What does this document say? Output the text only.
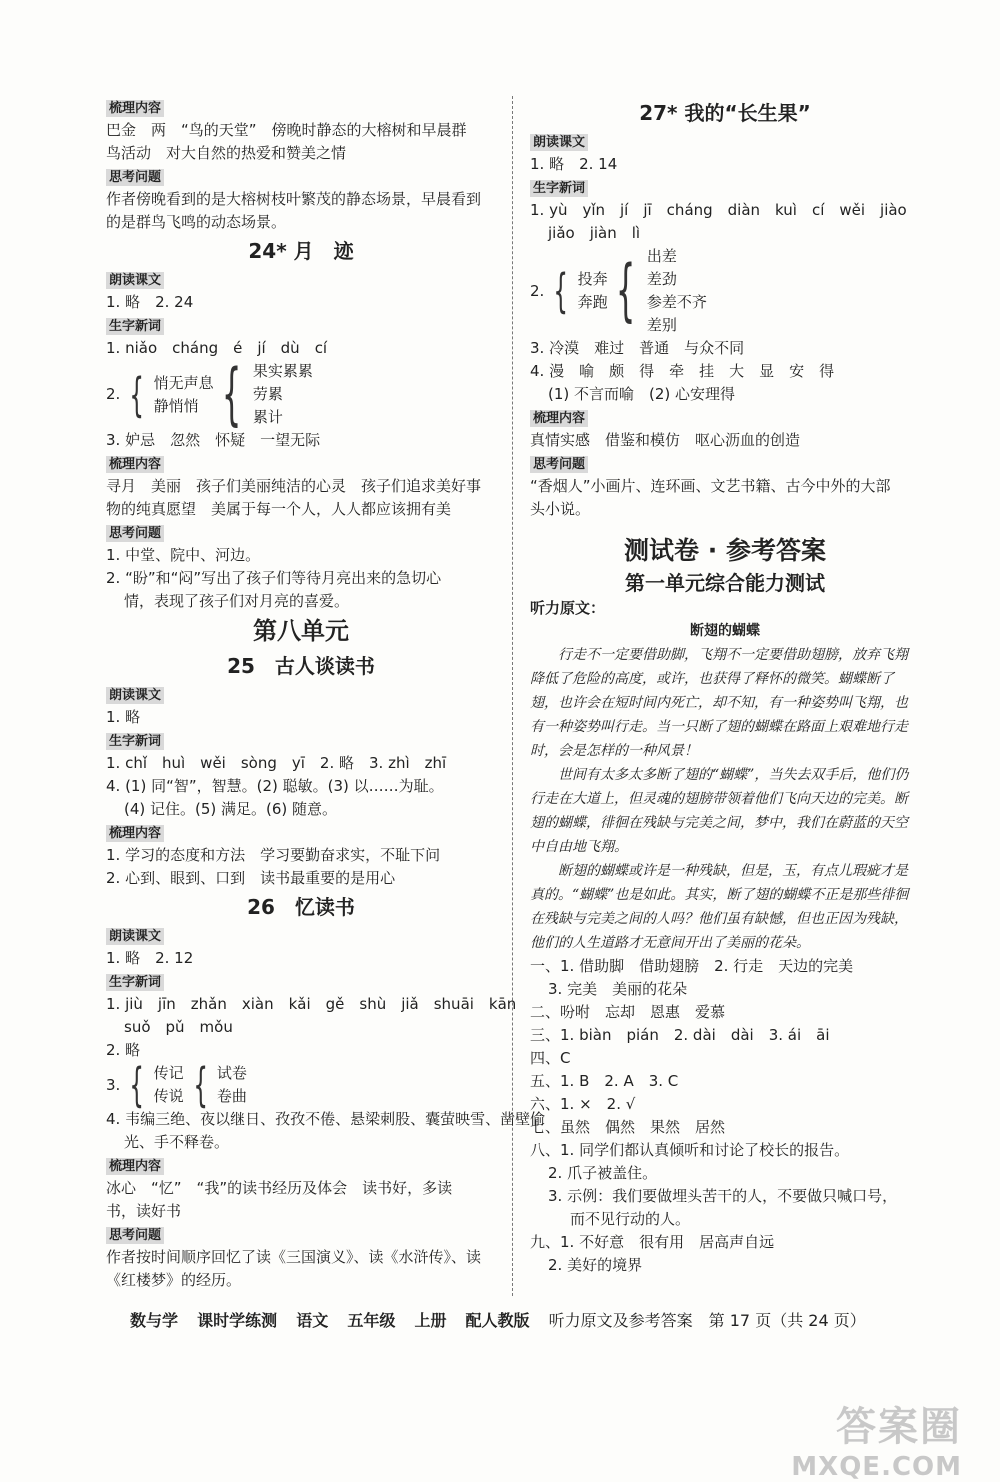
梳理内容
巴金　两　“鸟的天堂”　傍晚时静态的大榕树和早晨群
鸟活动　对大自然的热爱和赞美之情
思考问题
作者傍晚看到的是大榕树枝叶繁茂的静态场景，早晨看到
的是群鸟飞鸣的动态场景。
24* 月　迹
朗读课文
1. 略　2. 24
生字新词
1. niǎo　cháng　é　jí　dù　cí
2. { 悄无声息
静悄悄 { 果实累累
劳累
累计
3. 妒忌　忽然　怀疑　一望无际
梳理内容
寻月　美丽　孩子们美丽纯洁的心灵　孩子们追求美好事
物的纯真愿望　美属于每一个人，人人都应该拥有美
思考问题
1. 中堂、院中、河边。
2. “盼”和“闷”写出了孩子们等待月亮出来的急切心
情，表现了孩子们对月亮的喜爱。
第八单元
25　古人谈读书
朗读课文
1. 略
生字新词
1. chǐ　huì　wěi　sòng　yī　2. 略　3. zhì　zhī
4. (1) 同“智”，智慧。(2) 聪敏。(3) 以……为耻。
(4) 记住。(5) 满足。(6) 随意。
梳理内容
1. 学习的态度和方法　学习要勤奋求实，不耻下问
2. 心到、眼到、口到　读书最重要的是用心
26　忆读书
朗读课文
1. 略　2. 12
生字新词
1. jiù　jīn　zhǎn　xiàn　kǎi　gě　shù　jiǎ　shuāi　kān
suǒ　pǔ　mǒu
2. 略
3. { 传记
传说 { 试卷
卷曲
4. 韦编三绝、夜以继日、孜孜不倦、悬梁刺股、囊萤映雪、凿壁偷
光、手不释卷。
梳理内容
冰心　“忆”　“我”的读书经历及体会　读书好，多读
书，读好书
思考问题
作者按时间顺序回忆了读《三国演义》、读《水浒传》、读
《红楼梦》的经历。
27* 我的“长生果”
朗读课文
1. 略　2. 14
生字新词
1. yù　yǐn　jí　jī　cháng　diàn　kuì　cí　wěi　jiào
jiǎo　jiàn　lì
2. { 投奔
奔跑 { 出差
差劲
参差不齐
差别
3. 冷漠　难过　普通　与众不同
4. 漫　喻　颇　得　牵　挂　大　显　安　得
(1) 不言而喻　(2) 心安理得
梳理内容
真情实感　借鉴和模仿　呕心沥血的创造
思考问题
“香烟人”小画片、连环画、文艺书籍、古今中外的大部
头小说。
测试卷 · 参考答案
第一单元综合能力测试
听力原文：
断翅的蝴蝶
行走不一定要借助脚，飞翔不一定要借助翅膀，放弃飞翔降低了危险的高度，或许，也获得了释怀的微笑。蝴蝶断了翅，也许会在短时间内死亡，却不知，有一种姿势叫飞翔，也有一种姿势叫行走。当一只断了翅的蝴蝶在路面上艰难地行走时，会是怎样的一种风景！
世间有太多太多断了翅的“蝴蝶”，当失去双手后，他们仍行走在大道上，但灵魂的翅膀带领着他们飞向天边的完美。断翅的蝴蝶，徘徊在残缺与完美之间，梦中，我们在蔚蓝的天空中自由地飞翔。
断翅的蝴蝶或许是一种残缺，但是，玉，有点儿瑕疵才是真的。“蝴蝶”也是如此。其实，断了翅的蝴蝶不正是那些徘徊在残缺与完美之间的人吗？他们虽有缺憾，但也正因为残缺，他们的人生道路才无意间开出了美丽的花朵。
一、1. 借助脚　借助翅膀　2. 行走　天边的完美
3. 完美　美丽的花朵
二、吩咐　忘却　恩惠　爱慕
三、1. biàn　pián　2. dài　dài　3. ái　āi
四、C
五、1. B　2. A　3. C
六、1. ×　2. √
七、虽然　偶然　果然　居然
八、1. 同学们都认真倾听和讨论了校长的报告。
2. 爪子被盖住。
3. 示例：我们要做埋头苦干的人，不要做只喊口号，
而不见行动的人。
九、1. 不好意　很有用　居高声自远
2. 美好的境界
数与学 课时学练测 语文 五年级 上册 配人教版 听力原文及参考答案　第 17 页（共 24 页）
答案圈
MXQE.COM
